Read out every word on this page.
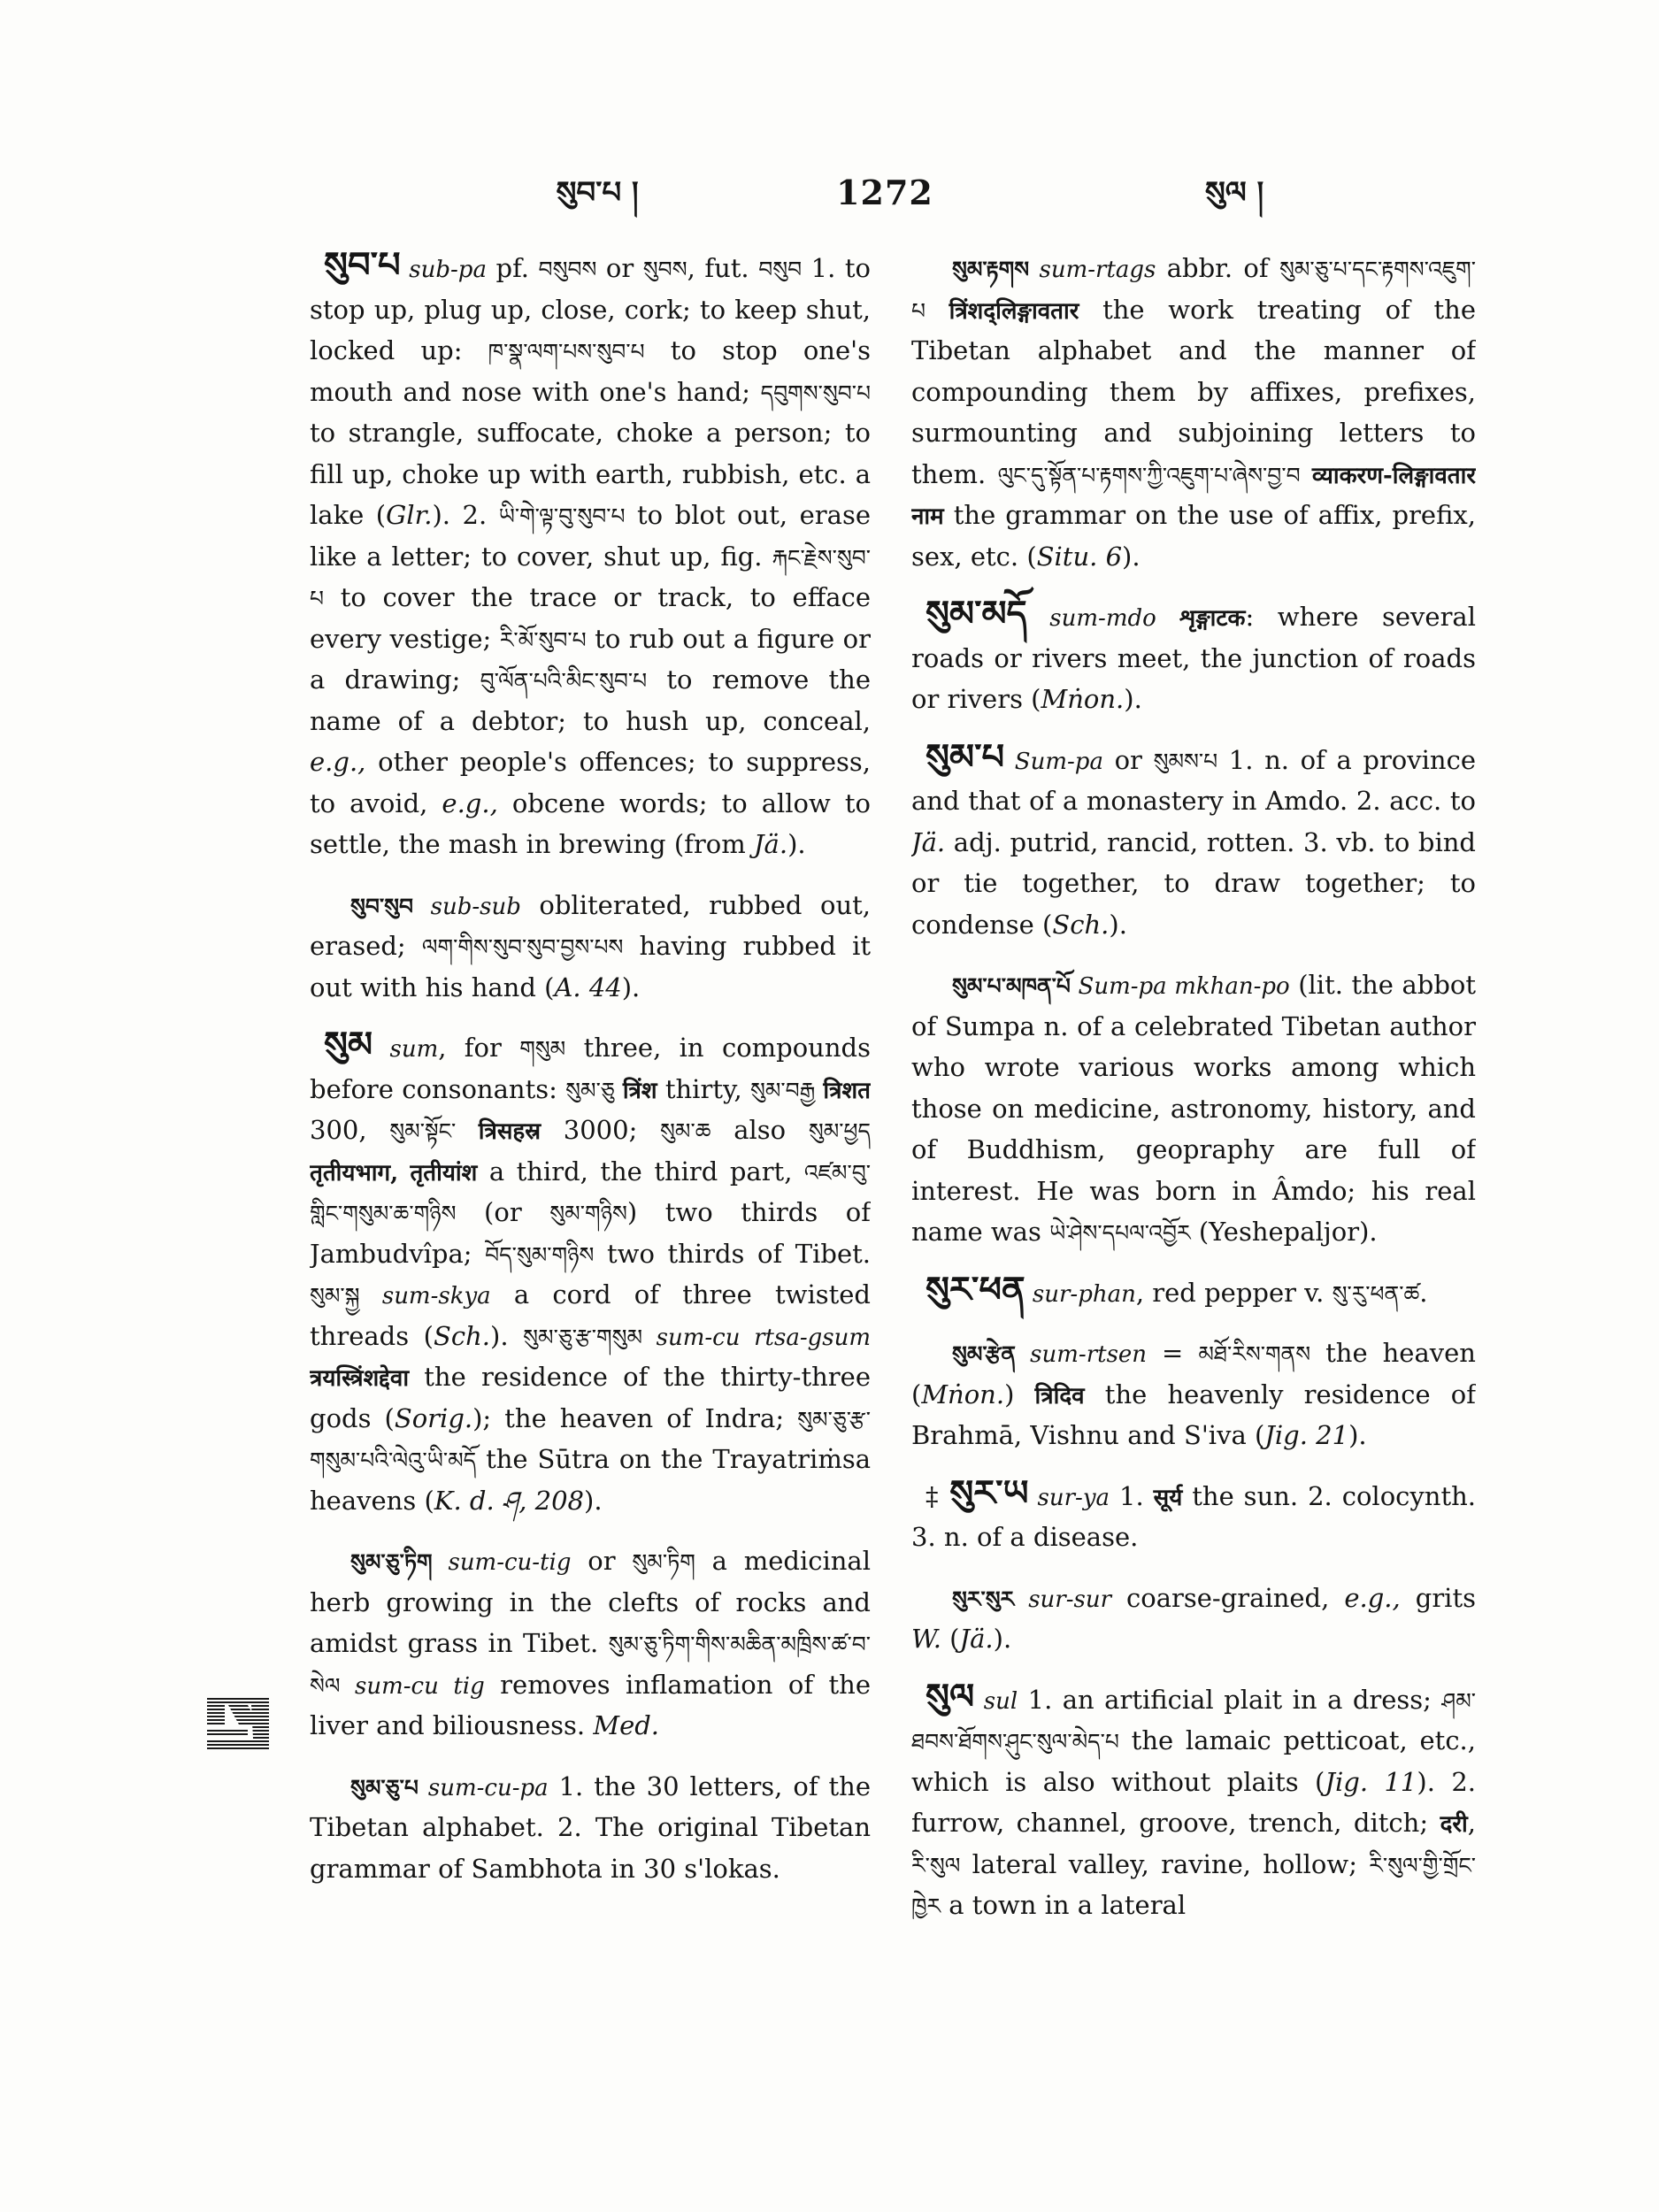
སུབ་པ །	1272	སུལ །

སུབ་པ sub-pa pf. བསུབས or སུབས, fut. བསུབ 1. to stop up, plug up, close, cork; to keep shut, locked up: ཁ་སྣ་ལག་པས་སུབ་པ to stop one's mouth and nose with one's hand; དབུགས་སུབ་པ to strangle, suffocate, choke a person; to fill up, choke up with earth, rubbish, etc. a lake (Glr.). 2. ཡི་གེ་ལྟ་བུ་སུབ་པ to blot out, erase like a letter; to cover, shut up, fig. རྐང་རྗེས་སུབ་པ to cover the trace or track, to efface every vestige; རི་མོ་སུབ་པ to rub out a figure or a drawing; བུ་ལོན་པའི་མིང་སུབ་པ to remove the name of a debtor; to hush up, conceal, e.g., other people's offences; to suppress, to avoid, e.g., obcene words; to allow to settle, the mash in brewing (from Jä.).

སུབ་སུབ sub-sub obliterated, rubbed out, erased; ལག་གིས་སུབ་སུབ་བྱས་པས having rubbed it out with his hand (A. 44).

སུམ sum, for གསུམ three, in compounds before consonants: སུམ་ཅུ त्रिंश thirty, སུམ་བརྒྱ त्रिशत 300, སུམ་སྟོང་ त्रिसहस्र 3000; སུམ་ཆ also སུམ་ཕྱད तृतीयभाग, तृतीयांश a third, the third part, འཛམ་བུ་གླིང་གསུམ་ཆ་གཉིས (or སུམ་གཉིས) two thirds of Jambudvîpa; བོད་སུམ་གཉིས two thirds of Tibet. སུམ་སྐྱ sum-skya a cord of three twisted threads (Sch.). སུམ་ཅུ་རྩ་གསུམ sum-cu rtsa-gsum त्रयस्त्रिंशद्देवा the residence of the thirty-three gods (Sorig.); the heaven of Indra; སུམ་ཅུ་རྩ་གསུམ་པའི་ལེའུ་ཡི་མདོ the Sūtra on the Trayatriṁsa heavens (K. d. ཤ, 208).

སུམ་ཅུ་ཏིག sum-cu-tig or སུམ་ཏིག a medicinal herb growing in the clefts of rocks and amidst grass in Tibet. སུམ་ཅུ་ཏིག་གིས་མཆིན་མཁྲིས་ཚ་བ་སེལ sum-cu tig removes inflamation of the liver and biliousness. Med.

སུམ་ཅུ་པ sum-cu-pa 1. the 30 letters, of the Tibetan alphabet. 2. The original Tibetan grammar of Sambhota in 30 s'lokas.

སུམ་རྟགས sum-rtags abbr. of སུམ་ཅུ་པ་དང་རྟགས་འཇུག་པ त्रिंशद्लिङ्गावतार the work treating of the Tibetan alphabet and the manner of compounding them by affixes, prefixes, surmounting and subjoining letters to them. ལུང་དུ་སྟོན་པ་རྟགས་ཀྱི་འཇུག་པ་ཞེས་བྱ་བ व्याकरण-लिङ्गावतार नाम the grammar on the use of affix, prefix, sex, etc. (Situ. 6).

སུམ་མདོ sum-mdo शृङ्गाटक: where several roads or rivers meet, the junction of roads or rivers (Mṅon.).

སུམ་པ Sum-pa or སུམས་པ 1. n. of a province and that of a monastery in Amdo. 2. acc. to Jä. adj. putrid, rancid, rotten. 3. vb. to bind or tie together, to draw together; to condense (Sch.).

སུམ་པ་མཁན་པོ Sum-pa mkhan-po (lit. the abbot of Sumpa n. of a celebrated Tibetan author who wrote various works among which those on medicine, astronomy, history, and of Buddhism, geopraphy are full of interest. He was born in Âmdo; his real name was ཡེ་ཤེས་དཔལ་འབྱོར (Yeshepaljor).

སུར་ཕན sur-phan, red pepper v. སུ་རུ་ཕན་ཚ.

སུམ་རྩེན sum-rtsen = མཐོ་རིས་གནས the heaven (Mṅon.) त्रिदिव the heavenly residence of Brahmā, Vishnu and S'iva (Jig. 21).

‡ སུར་ཡ sur-ya 1. सूर्य the sun. 2. colocynth. 3. n. of a disease.

སུར་སུར sur-sur coarse-grained, e.g., grits W. (Jä.).

སུལ sul 1. an artificial plait in a dress; ཤམ་ཐབས་ཐོགས་ཤུང་སུལ་མེད་པ the lamaic petticoat, etc., which is also without plaits (Jig. 11). 2. furrow, channel, groove, trench, ditch; दरी, རི་སུལ lateral valley, ravine, hollow; རི་སུལ་གྱི་གྲོང་ཁྱེར a town in a lateral
